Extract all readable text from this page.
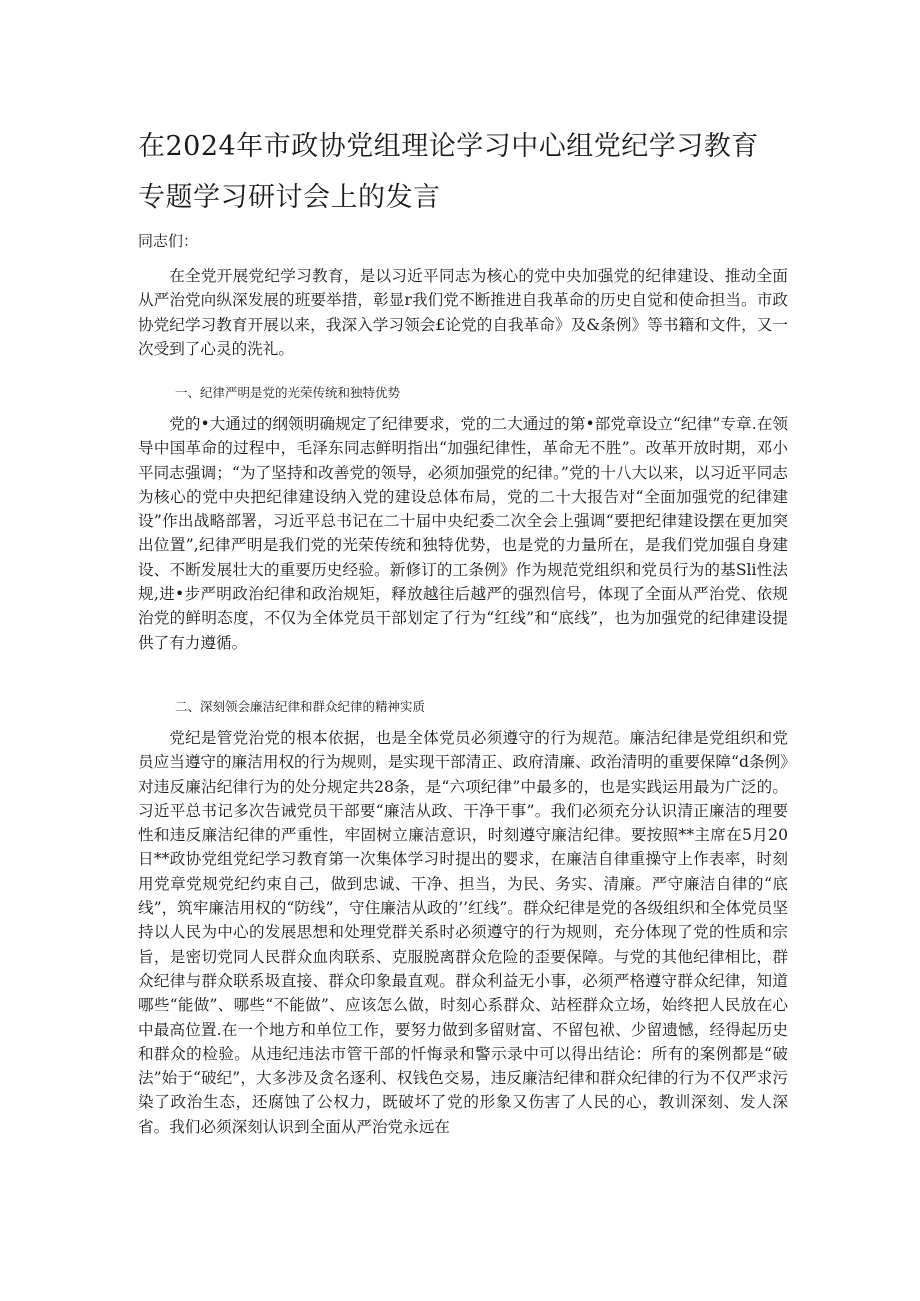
在2024年市政协党组理论学习中心组党纪学习教育
专题学习研讨会上的发言

同志们：

在全党开展党纪学习教育，是以习近平同志为核心的党中央加强党的纪律建设、推动全面从严治党向纵深发展的班要举措，彰显r我们党不断推进自我革命的历史自觉和使命担当。市政协党纪学习教育开展以来，我深入学习领会£论党的自我革命》及&条例》等书籍和文件，又一次受到了心灵的洗礼。

一、纪律严明是党的光荣传统和独特优势

党的•大通过的纲领明确规定了纪律要求，党的二大通过的第•部党章设立“纪律”专章.在领导中国革命的过程中，毛泽东同志鲜明指出“加强纪律性，革命无不胜”。改革开放时期，邓小平同志强调；“为了坚持和改善党的领导，必须加强党的纪律。”党的十八大以来，以习近平同志为核心的党中央把纪律建设纳入党的建设总体布局，党的二十大报告对“全面加强党的纪律建设”作出战略部署，习近平总书记在二十届中央纪委二次全会上强调“要把纪律建设摆在更加突出位置”,纪律严明是我们党的光荣传统和独特优势，也是党的力量所在，是我们党加强自身建设、不断发展壮大的重要历史经验。新修订的工条例》作为规范党组织和党员行为的基Sli性法规,进•步严明政治纪律和政治规矩，释放越往后越严的强烈信号，体现了全面从严治党、依规治党的鲜明态度，不仅为全体党员干部划定了行为“红线”和“底线”，也为加强党的纪律建设提供了有力遵循。

二、深刻领会廉洁纪律和群众纪律的精神实质

党纪是管党治党的根本依据，也是全体党员必须遵守的行为规范。廉洁纪律是党组织和党员应当遵守的廉洁用权的行为规则，是实现干部清正、政府清廉、政治清明的重要保障“d条例》对违反廉沾纪律行为的处分规定共28条，是“六项纪律”中最多的，也是实践运用最为广泛的。习近平总书记多次告诫党员干部要“廉洁从政、干净干事”。我们必须充分认识清正廉洁的理要性和违反廉洁纪律的严重性，牢固树立廉洁意识，时刻遵守廉洁纪律。要按照**主席在5月20日**政协党组党纪学习教育第一次集体学习时提出的婴求，在廉洁自律重操守上作表率，时刻用党章党规党纪约束自己，做到忠诚、干净、担当，为民、务实、清廉。严守廉洁自律的“底线”，筑牢廉洁用权的“防线”，守住廉洁从政的’’红线”。群众纪律是党的各级组织和全体党员坚持以人民为中心的发展思想和处理党群关系时必须遵守的行为规则，充分体现了党的性质和宗旨，是密切党同人民群众血肉联系、克服脱离群众危险的歪要保障。与党的其他纪律相比，群众纪律与群众联系圾直接、群众印象最直观。群众利益无小事，必须严格遵守群众纪律，知道哪些“能做”、哪些“不能做”、应该怎么做，时刻心系群众、站桎群众立场，始终把人民放在心中最高位置.在一个地方和单位工作，要努力做到多留财富、不留包袱、少留遗憾，经得起历史和群众的检验。从违纪违法市管干部的忏悔录和警示录中可以得出结论：所有的案例都是“破法”始于“破纪”，大多涉及贪名逐利、权钱色交易，违反廉洁纪律和群众纪律的行为不仅严求污染了政治生态，还腐蚀了公权力，既破坏了党的形象又伤害了人民的心，教训深刻、发人深省。我们必须深刻认识到全面从严治党永远在
